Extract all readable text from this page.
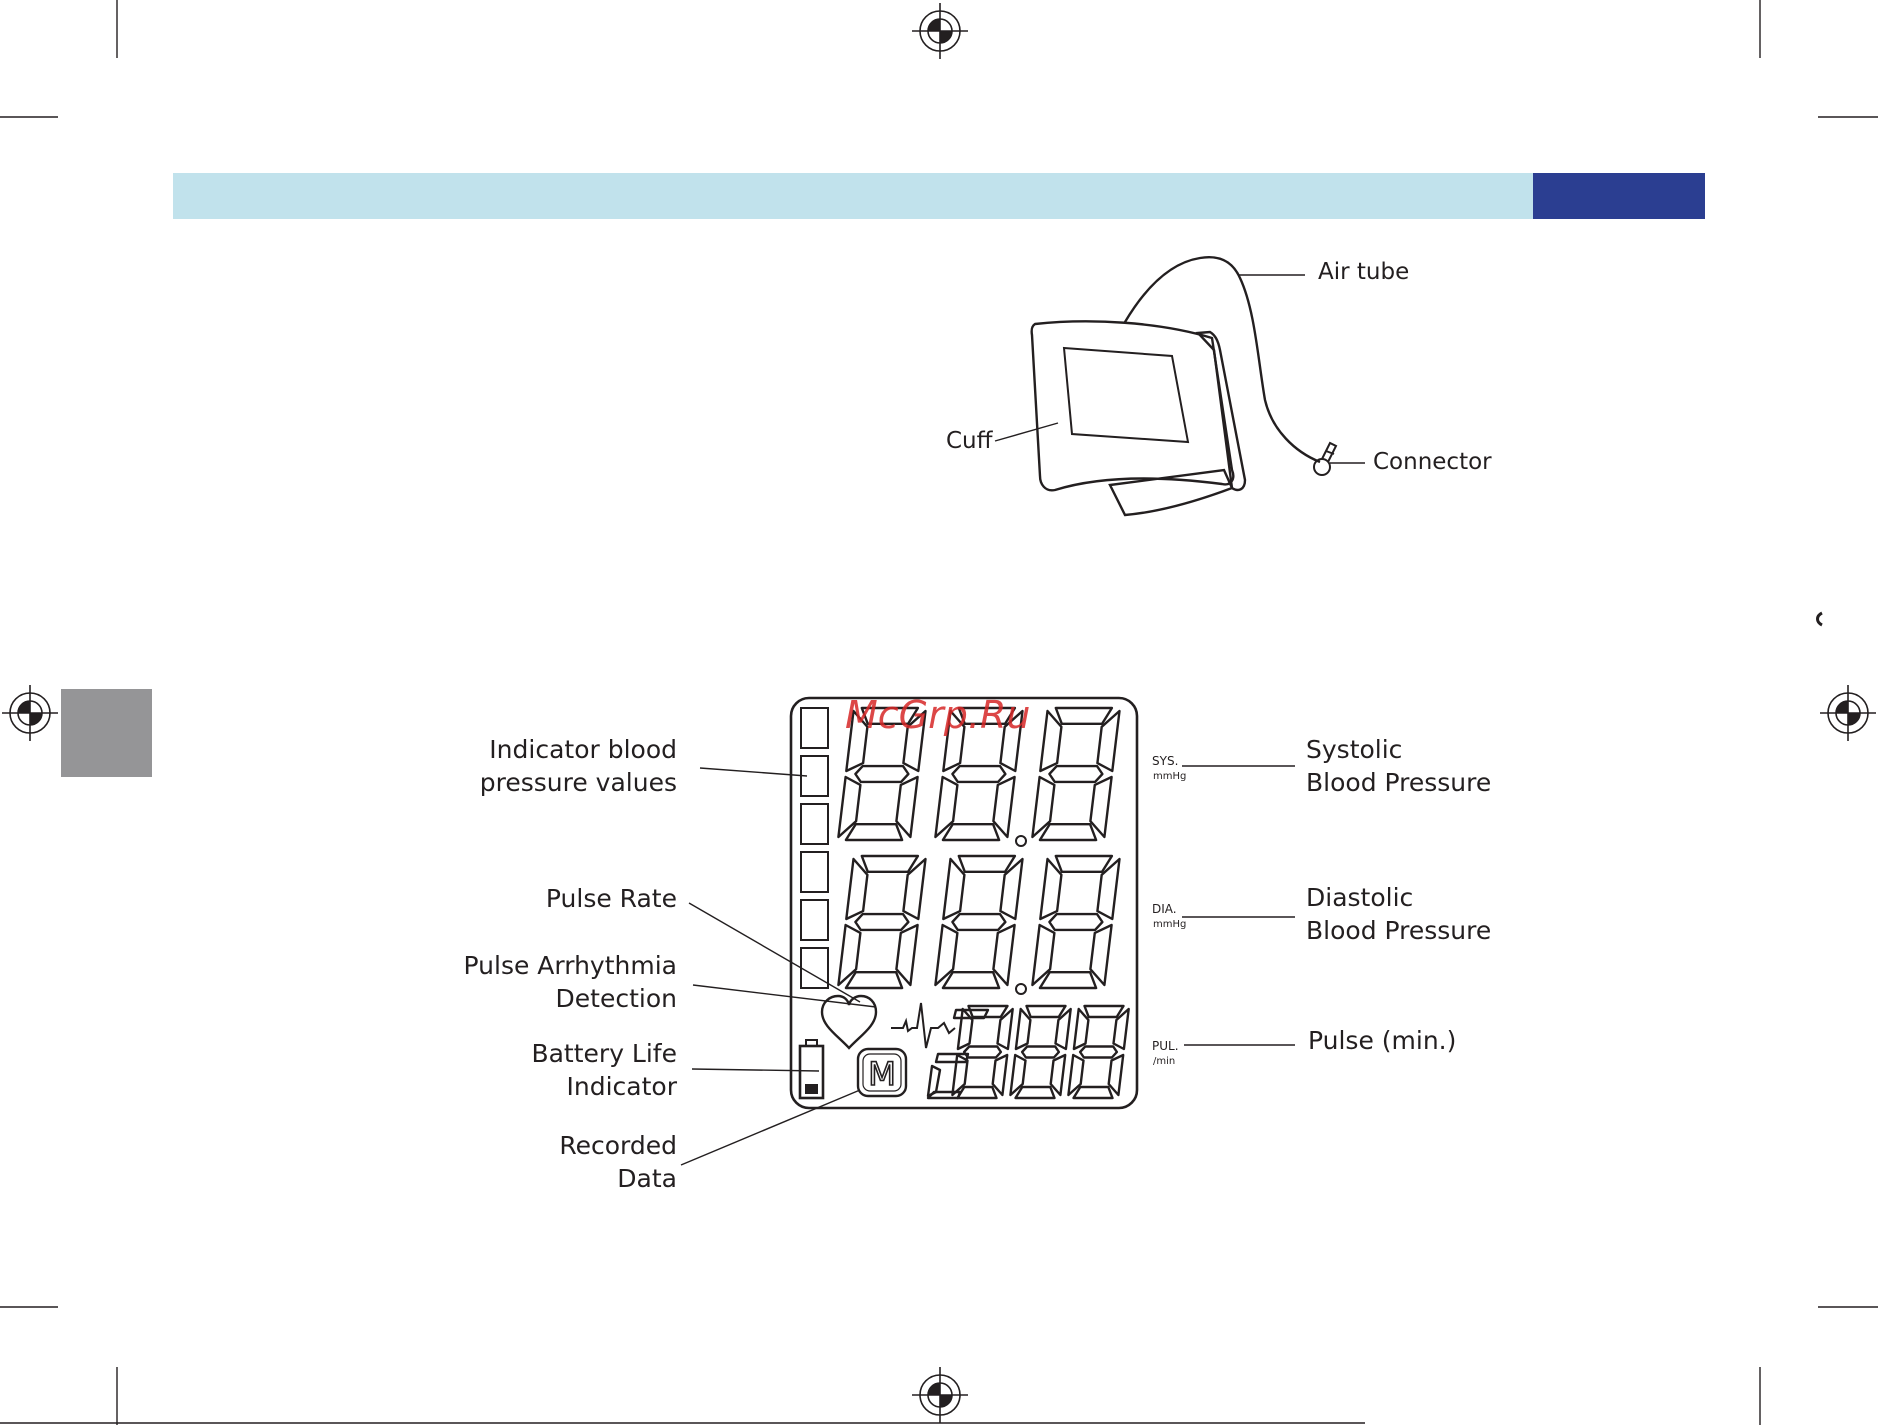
Air tube
Cuff
Connector
M
SYS.
mmHg
DIA.
mmHg
PUL.
/min
Indicator blood
pressure values
Pulse Rate
Pulse Arrhythmia
Detection
Battery Life
Indicator
Recorded
Data
Systolic
Blood Pressure
Diastolic
Blood Pressure
Pulse (min.)
McGrp.Ru
